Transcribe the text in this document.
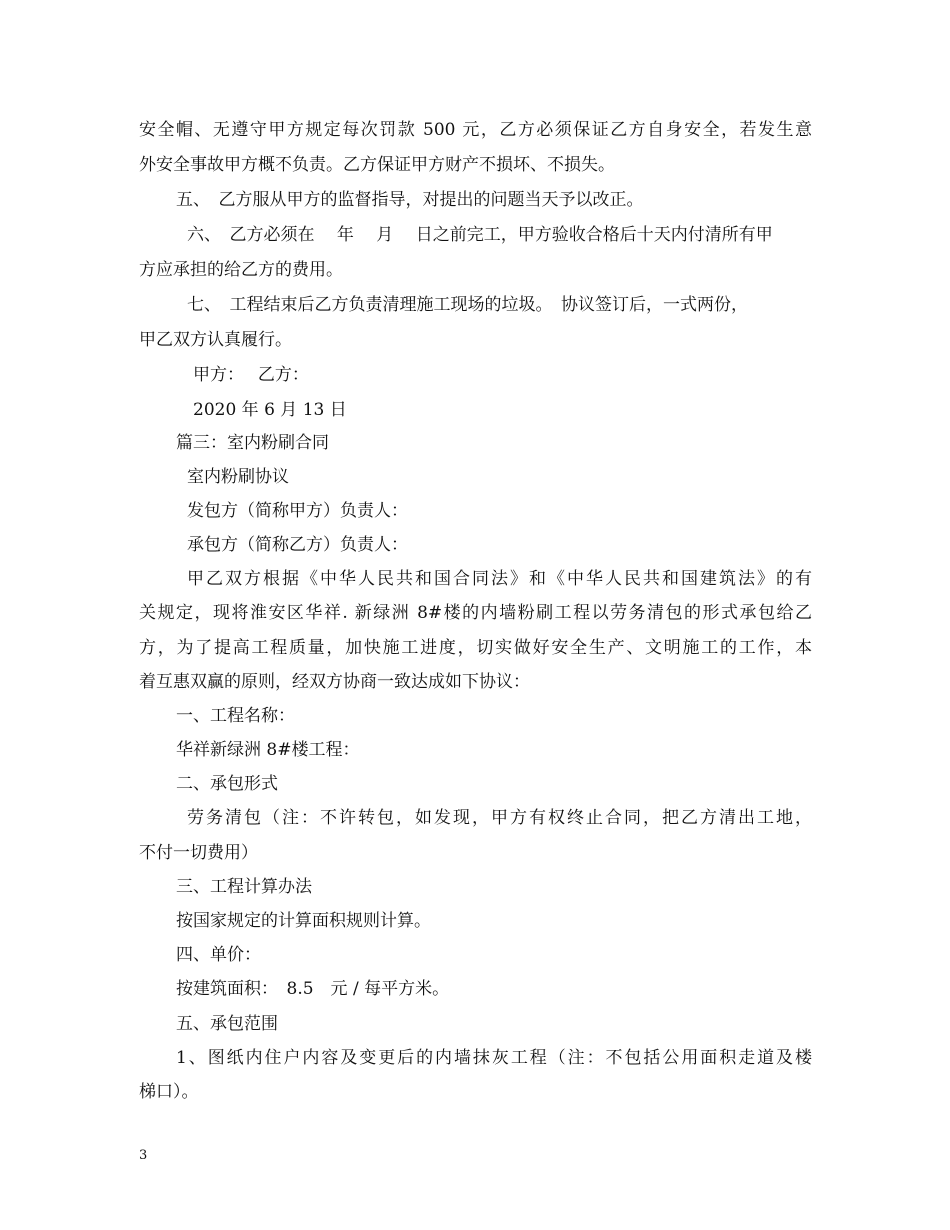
安全帽、无遵守甲方规定每次罚款 500 元，乙方必须保证乙方自身安全，若发生意
外安全事故甲方概不负责。乙方保证甲方财产不损坏、不损失。
五、　乙方服从甲方的监督指导，对提出的问题当天予以改正。
六、　乙方必须在　 年　 月　 日之前完工，甲方验收合格后十天内付清所有甲
方应承担的给乙方的费用。
七、　工程结束后乙方负责清理施工现场的垃圾。　协议签订后，一式两份，
甲乙双方认真履行。
甲方：　 乙方：
2020 年 6 月 13 日
篇三：室内粉刷合同
室内粉刷协议
发包方（简称甲方）负责人：
承包方（简称乙方）负责人：
甲乙双方根据《中华人民共和国合同法》和《中华人民共和国建筑法》的有
关规定，现将淮安区华祥. 新绿洲 8#楼的内墙粉刷工程以劳务清包的形式承包给乙
方，为了提高工程质量，加快施工进度，切实做好安全生产、文明施工的工作，本
着互惠双赢的原则，经双方协商一致达成如下协议：
一、工程名称：
华祥新绿洲 8#楼工程：
二、承包形式
劳务清包（注：不许转包，如发现，甲方有权终止合同，把乙方清出工地，
不付一切费用）
三、工程计算办法
按国家规定的计算面积规则计算。
四、单价：
按建筑面积：　8.5　元 / 每平方米。
五、承包范围
1、图纸内住户内容及变更后的内墙抹灰工程（注：不包括公用面积走道及楼
梯口）。
3
